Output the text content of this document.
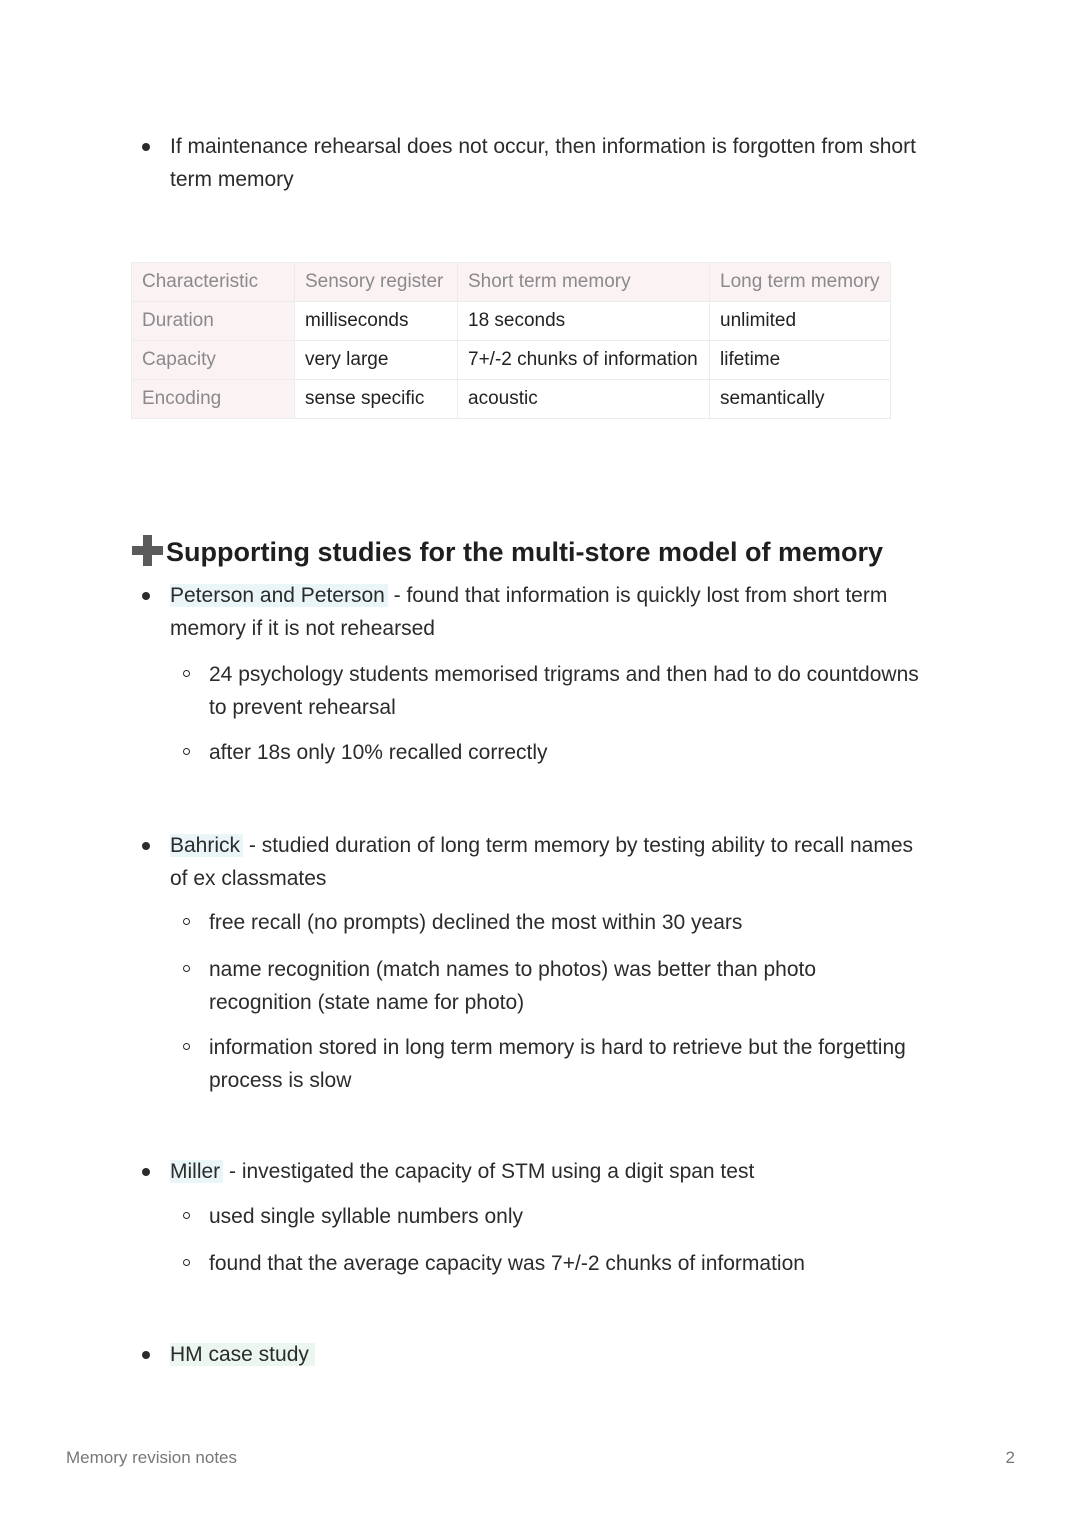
If maintenance rehearsal does not occur, then information is forgotten from short
term memory
Characteristic	Sensory register	Short term memory	Long term memory
Duration	milliseconds	18 seconds	unlimited
Capacity	very large	7+/-2 chunks of information	lifetime
Encoding	sense specific	acoustic	semantically
Supporting studies for the multi-store model of memory
Peterson and Peterson - found that information is quickly lost from short term
memory if it is not rehearsed
24 psychology students memorised trigrams and then had to do countdowns
to prevent rehearsal
after 18s only 10% recalled correctly
Bahrick - studied duration of long term memory by testing ability to recall names
of ex classmates
free recall (no prompts) declined the most within 30 years
name recognition (match names to photos) was better than photo
recognition (state name for photo)
information stored in long term memory is hard to retrieve but the forgetting
process is slow
Miller - investigated the capacity of STM using a digit span test
used single syllable numbers only
found that the average capacity was 7+/-2 chunks of information
HM case study
Memory revision notes	2
